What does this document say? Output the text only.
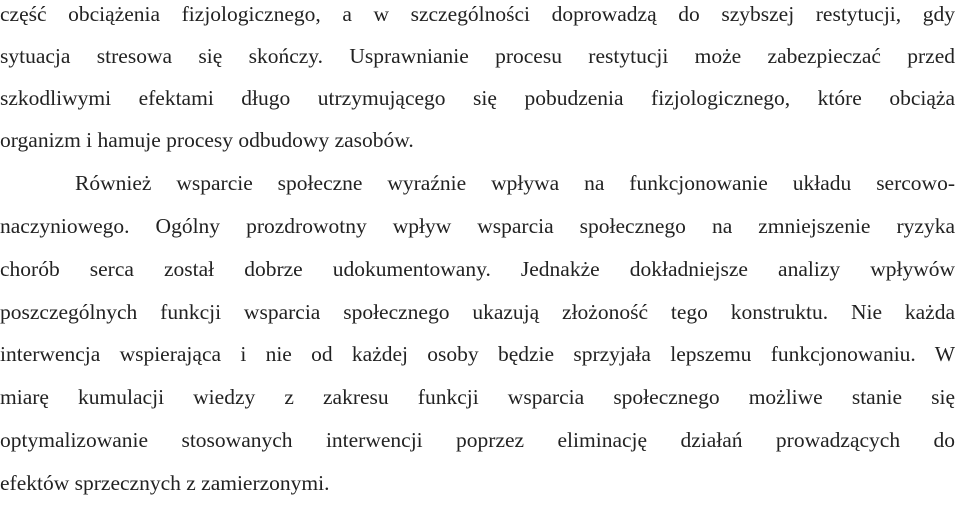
część obciążenia fizjologicznego, a w szczególności doprowadzą do szybszej restytucji, gdy
sytuacja stresowa się skończy. Usprawnianie procesu restytucji może zabezpieczać przed
szkodliwymi efektami długo utrzymującego się pobudzenia fizjologicznego, które obciąża
organizm i hamuje procesy odbudowy zasobów.
Również wsparcie społeczne wyraźnie wpływa na funkcjonowanie układu sercowo-
naczyniowego. Ogólny prozdrowotny wpływ wsparcia społecznego na zmniejszenie ryzyka
chorób serca został dobrze udokumentowany. Jednakże dokładniejsze analizy wpływów
poszczególnych funkcji wsparcia społecznego ukazują złożoność tego konstruktu. Nie każda
interwencja wspierająca i nie od każdej osoby będzie sprzyjała lepszemu funkcjonowaniu. W
miarę kumulacji wiedzy z zakresu funkcji wsparcia społecznego możliwe stanie się
optymalizowanie stosowanych interwencji poprzez eliminację działań prowadzących do
efektów sprzecznych z zamierzonymi.
